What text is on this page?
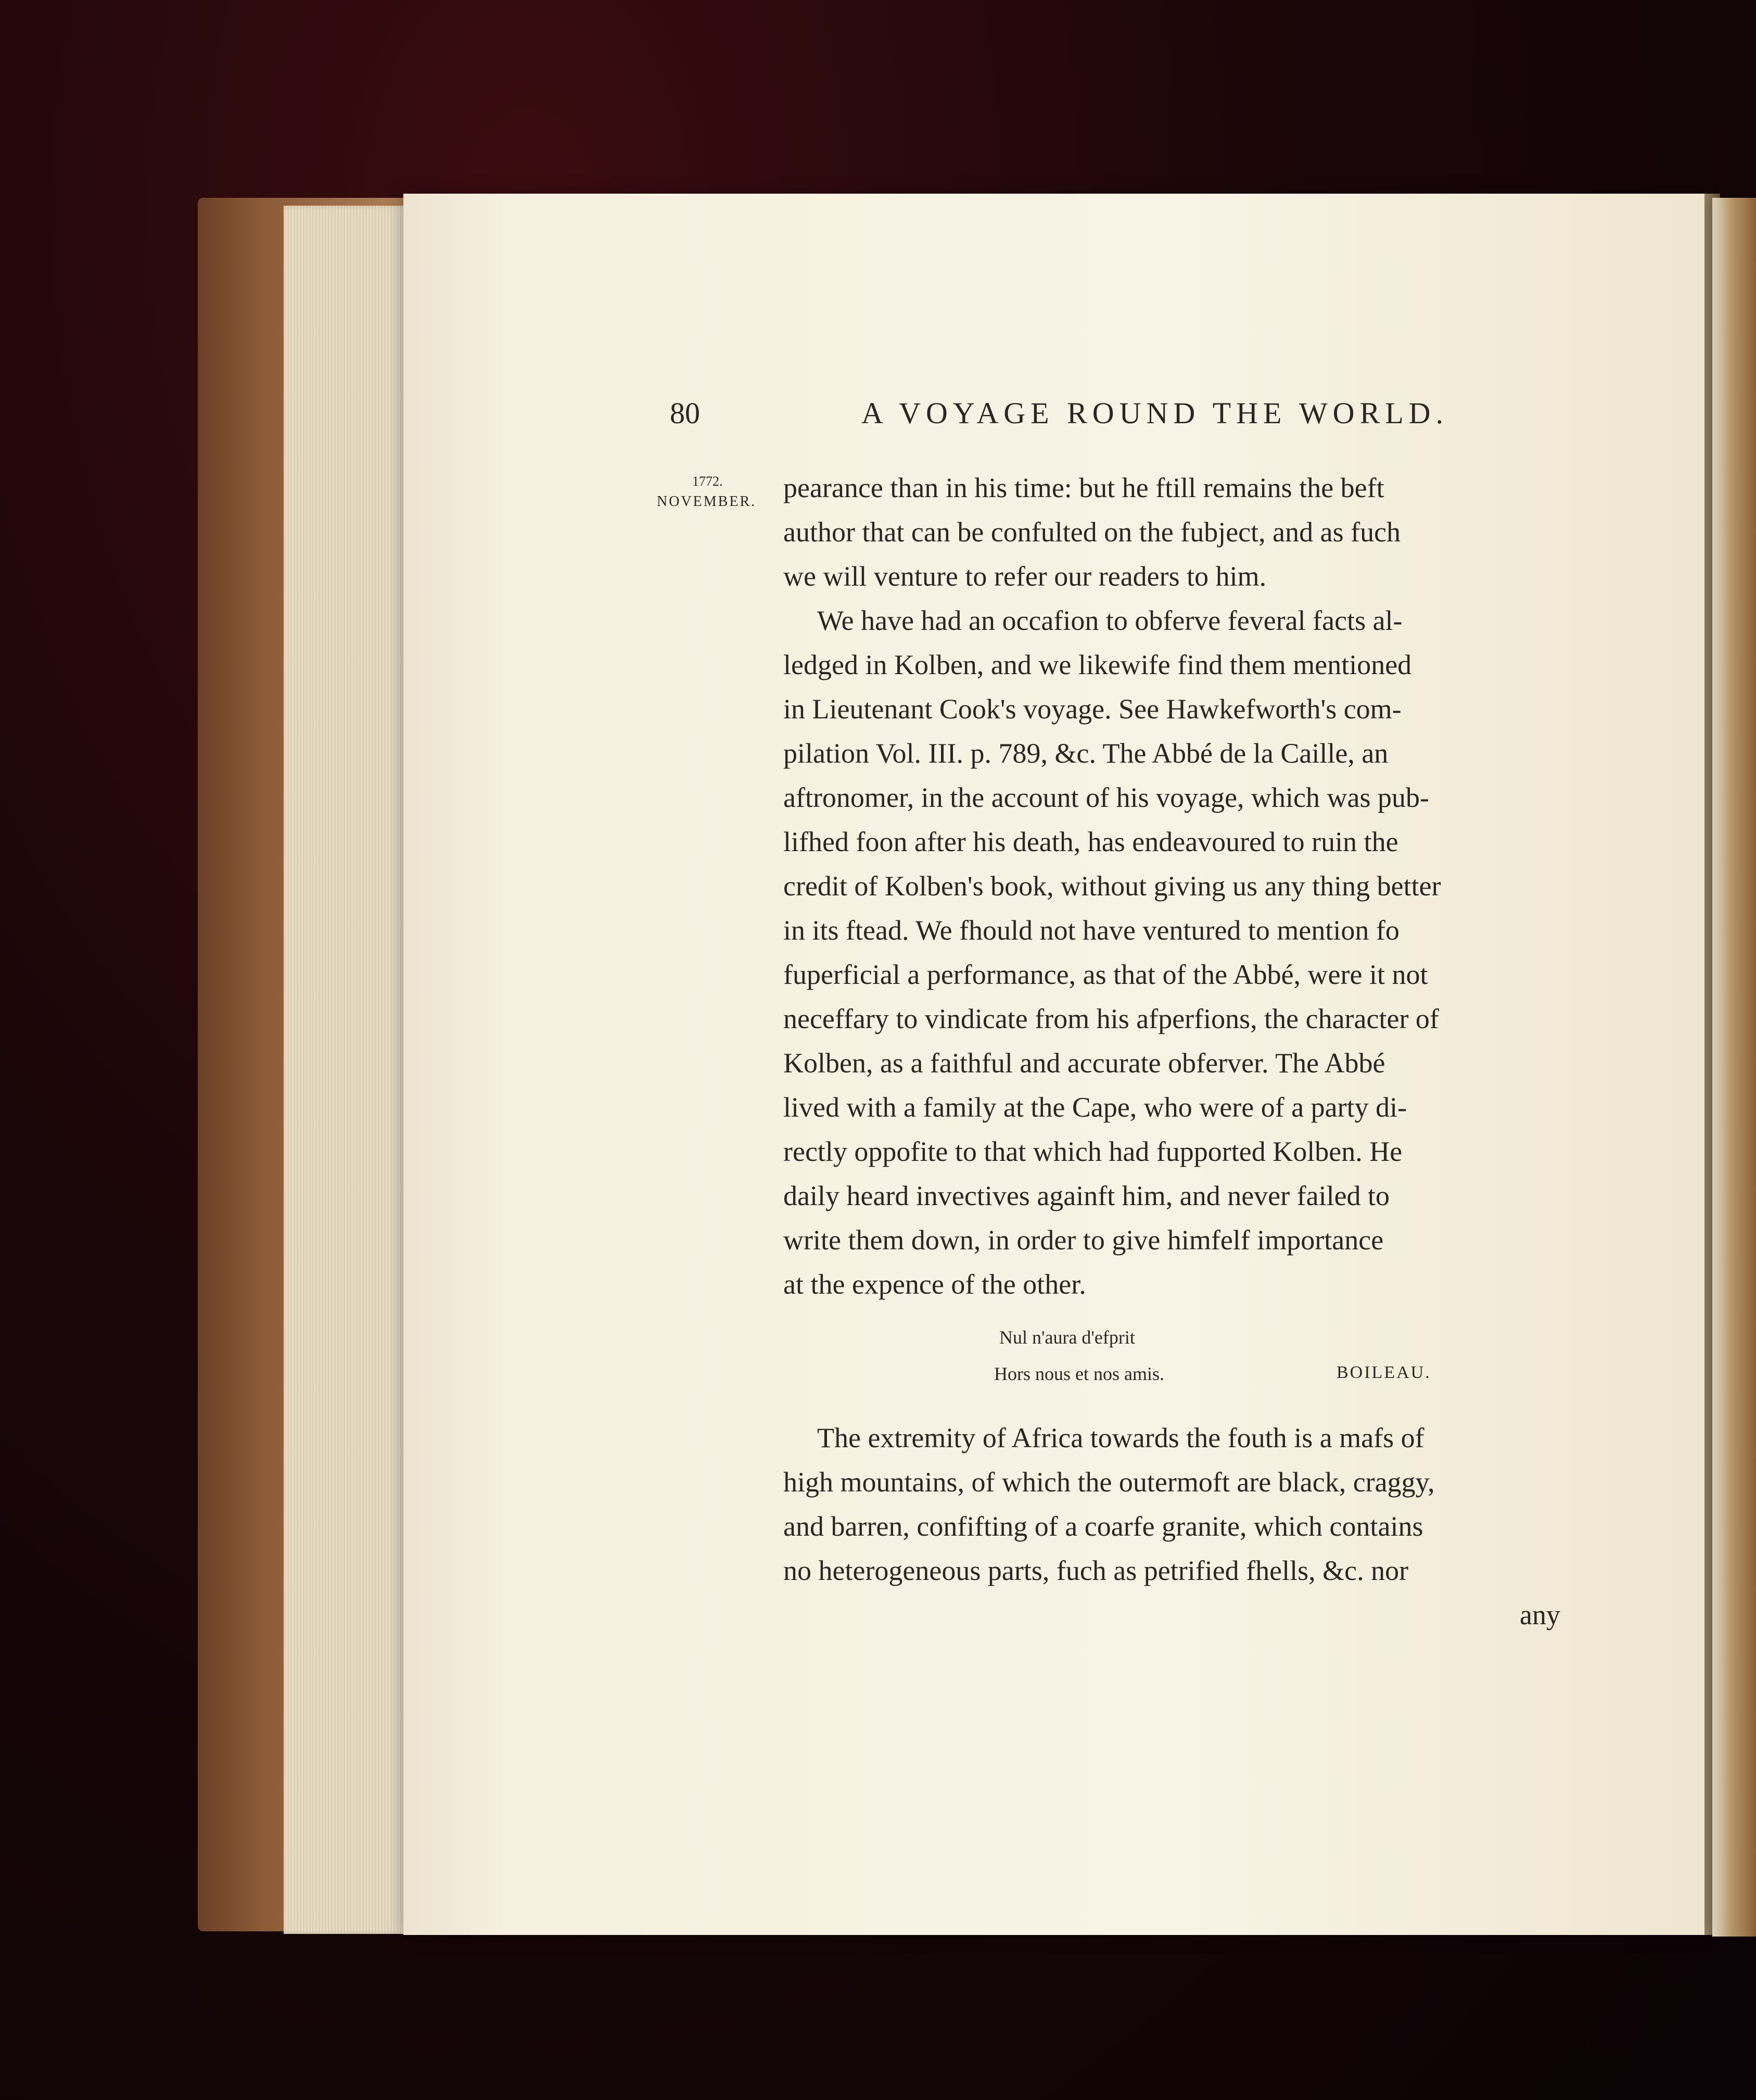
80	A VOYAGE ROUND THE WORLD.
1772.
NOVEMBER. pearance than in his time: but he ftill remains the beft
author that can be confulted on the fubject, and as fuch
we will venture to refer our readers to him.
We have had an occafion to obferve feveral facts al-
ledged in Kolben, and we likewife find them mentioned
in Lieutenant Cook's voyage. See Hawkefworth's com-
pilation Vol. III. p. 789, &c. The Abbé de la Caille, an
aftronomer, in the account of his voyage, which was pub-
lifhed foon after his death, has endeavoured to ruin the
credit of Kolben's book, without giving us any thing better
in its ftead. We fhould not have ventured to mention fo
fuperficial a performance, as that of the Abbé, were it not
neceffary to vindicate from his afperfions, the character of
Kolben, as a faithful and accurate obferver. The Abbé
lived with a family at the Cape, who were of a party di-
rectly oppofite to that which had fupported Kolben. He
daily heard invectives againft him, and never failed to
write them down, in order to give himfelf importance
at the expence of the other.
Nul n'aura d'efprit
Hors nous et nos amis.	BOILEAU.
The extremity of Africa towards the fouth is a mafs of
high mountains, of which the outermoft are black, craggy,
and barren, confifting of a coarfe granite, which contains
no heterogeneous parts, fuch as petrified fhells, &c. nor
any
